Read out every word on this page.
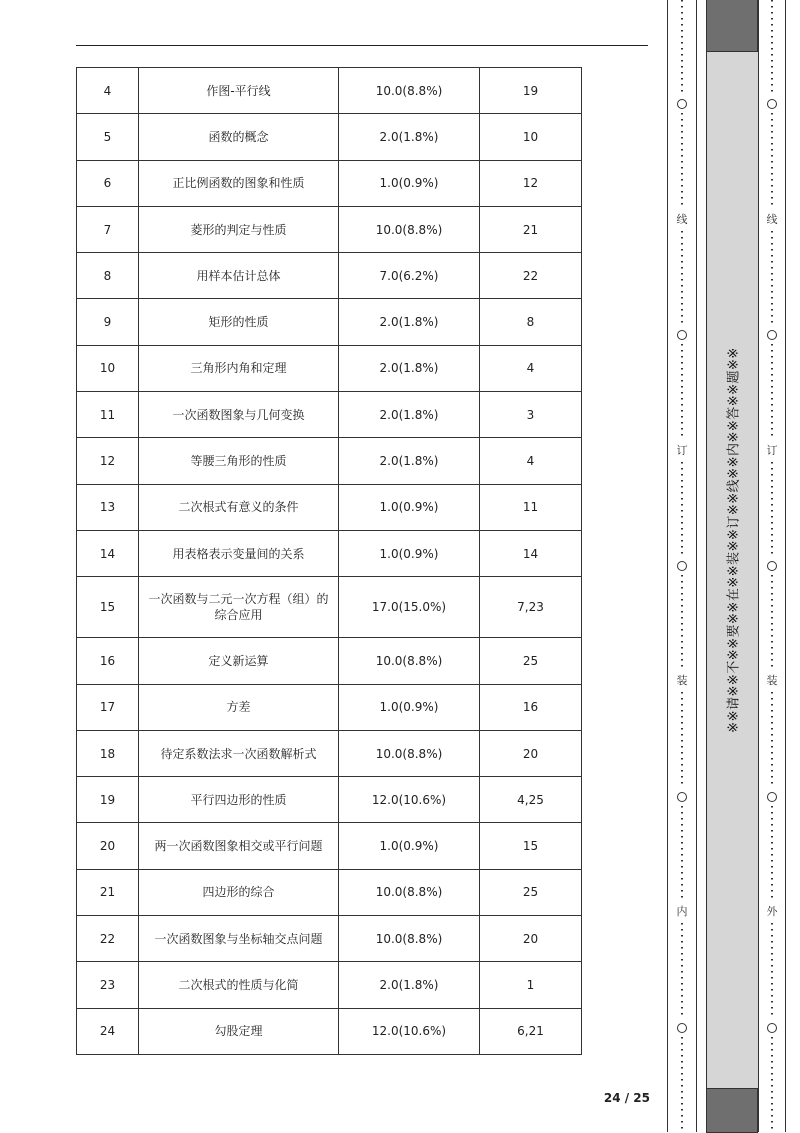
4	作图-平行线	10.0(8.8%)	19
5	函数的概念	2.0(1.8%)	10
6	正比例函数的图象和性质	1.0(0.9%)	12
7	菱形的判定与性质	10.0(8.8%)	21
8	用样本估计总体	7.0(6.2%)	22
9	矩形的性质	2.0(1.8%)	8
10	三角形内角和定理	2.0(1.8%)	4
11	一次函数图象与几何变换	2.0(1.8%)	3
12	等腰三角形的性质	2.0(1.8%)	4
13	二次根式有意义的条件	1.0(0.9%)	11
14	用表格表示变量间的关系	1.0(0.9%)	14
15	一次函数与二元一次方程（组）的综合应用	17.0(15.0%)	7,23
16	定义新运算	10.0(8.8%)	25
17	方差	1.0(0.9%)	16
18	待定系数法求一次函数解析式	10.0(8.8%)	20
19	平行四边形的性质	12.0(10.6%)	4,25
20	两一次函数图象相交或平行问题	1.0(0.9%)	15
21	四边形的综合	10.0(8.8%)	25
22	一次函数图象与坐标轴交点问题	10.0(8.8%)	20
23	二次根式的性质与化简	2.0(1.8%)	1
24	勾股定理	12.0(10.6%)	6,21
24 / 25
线
订
装
内
※※请※※不※※要※※在※※装※※订※※线※※内※※答※※题※※
线
订
装
外
